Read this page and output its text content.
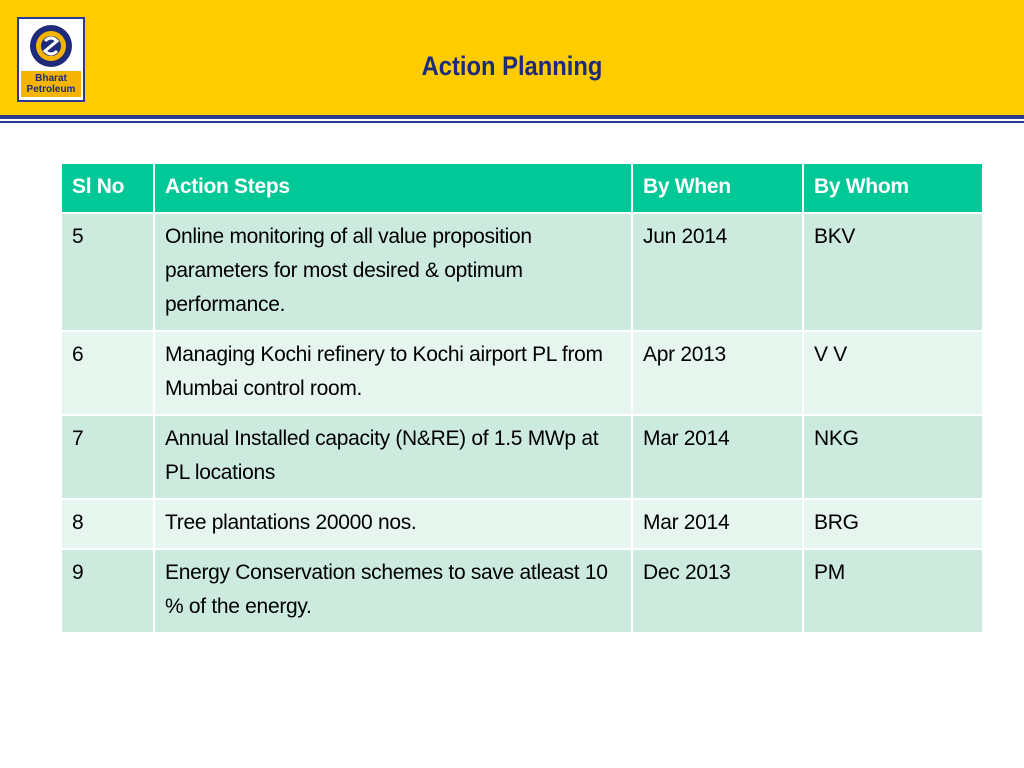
Bharat
Petroleum
Action Planning
Sl No	Action Steps	By When	By Whom
5	Online monitoring of all value proposition parameters for most desired & optimum performance.	Jun 2014	BKV
6	Managing Kochi refinery to Kochi airport PL from Mumbai control room.	Apr 2013	V V
7	Annual Installed capacity (N&RE) of 1.5 MWp at PL locations	Mar 2014	NKG
8	Tree plantations 20000 nos.	Mar 2014	BRG
9	Energy Conservation schemes to save atleast 10 % of the energy.	Dec 2013	PM
